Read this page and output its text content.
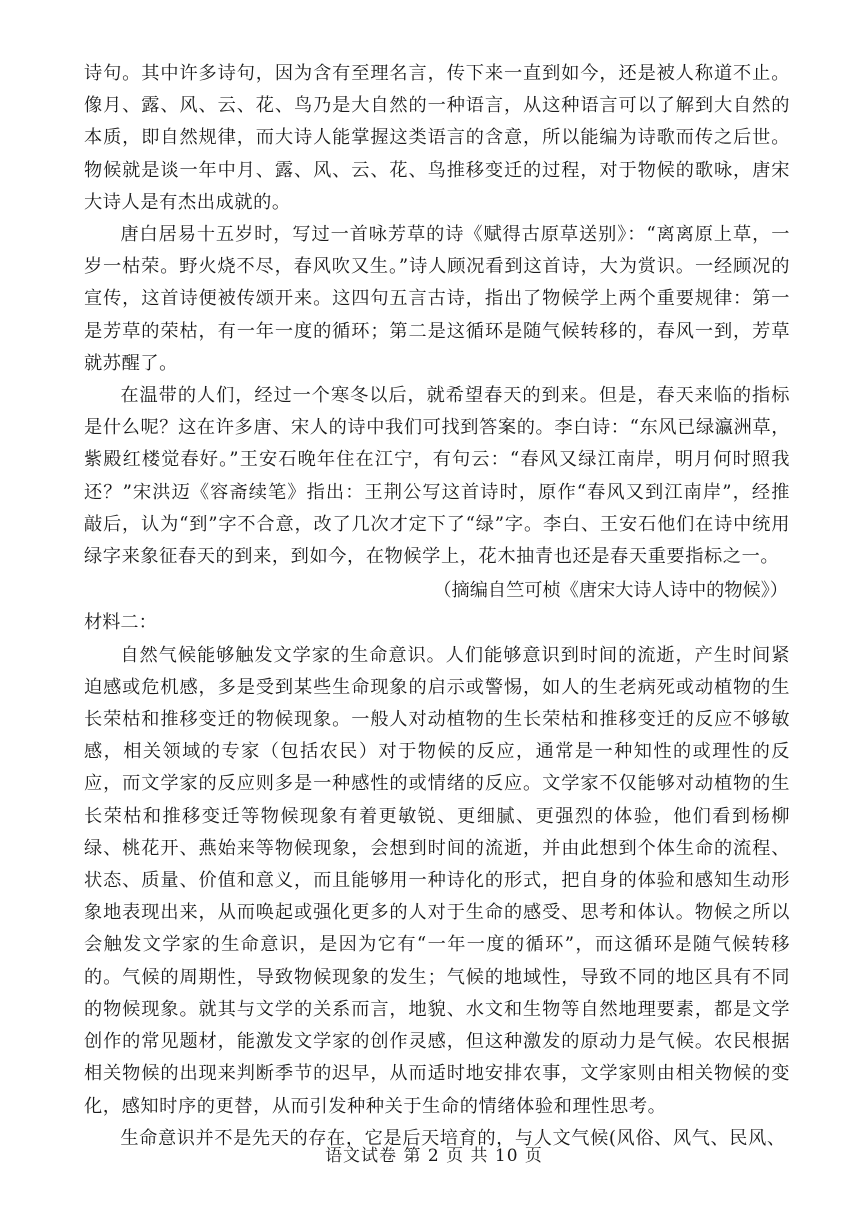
诗句。其中许多诗句，因为含有至理名言，传下来一直到如今，还是被人称道不止。像月、露、风、云、花、鸟乃是大自然的一种语言，从这种语言可以了解到大自然的本质，即自然规律，而大诗人能掌握这类语言的含意，所以能编为诗歌而传之后世。物候就是谈一年中月、露、风、云、花、鸟推移变迁的过程，对于物候的歌咏，唐宋大诗人是有杰出成就的。

唐白居易十五岁时，写过一首咏芳草的诗《赋得古原草送别》：“离离原上草，一岁一枯荣。野火烧不尽，春风吹又生。”诗人顾况看到这首诗，大为赏识。一经顾况的宣传，这首诗便被传颂开来。这四句五言古诗，指出了物候学上两个重要规律：第一是芳草的荣枯，有一年一度的循环；第二是这循环是随气候转移的，春风一到，芳草就苏醒了。

在温带的人们，经过一个寒冬以后，就希望春天的到来。但是，春天来临的指标是什么呢？这在许多唐、宋人的诗中我们可找到答案的。李白诗：“东风已绿瀛洲草，紫殿红楼觉春好。”王安石晚年住在江宁，有句云：“春风又绿江南岸，明月何时照我还？”宋洪迈《容斋续笔》指出：王荆公写这首诗时，原作“春风又到江南岸”，经推敲后，认为“到”字不合意，改了几次才定下了“绿”字。李白、王安石他们在诗中统用绿字来象征春天的到来，到如今，在物候学上，花木抽青也还是春天重要指标之一。

（摘编自竺可桢《唐宋大诗人诗中的物候》）

材料二：

自然气候能够触发文学家的生命意识。人们能够意识到时间的流逝，产生时间紧迫感或危机感，多是受到某些生命现象的启示或警惕，如人的生老病死或动植物的生长荣枯和推移变迁的物候现象。一般人对动植物的生长荣枯和推移变迁的反应不够敏感，相关领域的专家（包括农民）对于物候的反应，通常是一种知性的或理性的反应，而文学家的反应则多是一种感性的或情绪的反应。文学家不仅能够对动植物的生长荣枯和推移变迁等物候现象有着更敏锐、更细腻、更强烈的体验，他们看到杨柳绿、桃花开、燕始来等物候现象，会想到时间的流逝，并由此想到个体生命的流程、状态、质量、价值和意义，而且能够用一种诗化的形式，把自身的体验和感知生动形象地表现出来，从而唤起或强化更多的人对于生命的感受、思考和体认。物候之所以会触发文学家的生命意识，是因为它有“一年一度的循环”，而这循环是随气候转移的。气候的周期性，导致物候现象的发生；气候的地域性，导致不同的地区具有不同的物候现象。就其与文学的关系而言，地貌、水文和生物等自然地理要素，都是文学创作的常见题材，能激发文学家的创作灵感，但这种激发的原动力是气候。农民根据相关物候的出现来判断季节的迟早，从而适时地安排农事，文学家则由相关物候的变化，感知时序的更替，从而引发种种关于生命的情绪体验和理性思考。

生命意识并不是先天的存在，它是后天培育的，与人文气候(风俗、风气、民风、

语文试卷 第 2 页 共 10 页
